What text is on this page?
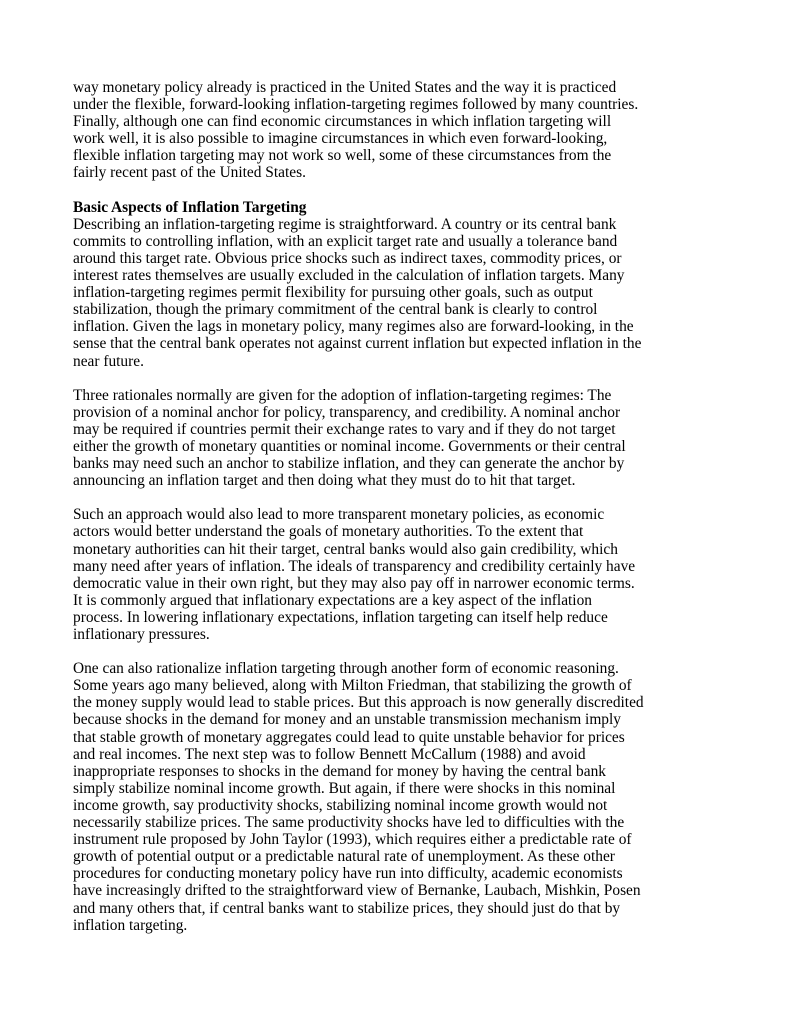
way monetary policy already is practiced in the United States and the way it is practiced
under the flexible, forward-looking inflation-targeting regimes followed by many countries.
Finally, although one can find economic circumstances in which inflation targeting will
work well, it is also possible to imagine circumstances in which even forward-looking,
flexible inflation targeting may not work so well, some of these circumstances from the
fairly recent past of the United States.

Basic Aspects of Inflation Targeting

Describing an inflation-targeting regime is straightforward. A country or its central bank
commits to controlling inflation, with an explicit target rate and usually a tolerance band
around this target rate. Obvious price shocks such as indirect taxes, commodity prices, or
interest rates themselves are usually excluded in the calculation of inflation targets. Many
inflation-targeting regimes permit flexibility for pursuing other goals, such as output
stabilization, though the primary commitment of the central bank is clearly to control
inflation. Given the lags in monetary policy, many regimes also are forward-looking, in the
sense that the central bank operates not against current inflation but expected inflation in the
near future.

Three rationales normally are given for the adoption of inflation-targeting regimes: The
provision of a nominal anchor for policy, transparency, and credibility. A nominal anchor
may be required if countries permit their exchange rates to vary and if they do not target
either the growth of monetary quantities or nominal income. Governments or their central
banks may need such an anchor to stabilize inflation, and they can generate the anchor by
announcing an inflation target and then doing what they must do to hit that target.

Such an approach would also lead to more transparent monetary policies, as economic
actors would better understand the goals of monetary authorities. To the extent that
monetary authorities can hit their target, central banks would also gain credibility, which
many need after years of inflation. The ideals of transparency and credibility certainly have
democratic value in their own right, but they may also pay off in narrower economic terms.
It is commonly argued that inflationary expectations are a key aspect of the inflation
process. In lowering inflationary expectations, inflation targeting can itself help reduce
inflationary pressures.

One can also rationalize inflation targeting through another form of economic reasoning.
Some years ago many believed, along with Milton Friedman, that stabilizing the growth of
the money supply would lead to stable prices. But this approach is now generally discredited
because shocks in the demand for money and an unstable transmission mechanism imply
that stable growth of monetary aggregates could lead to quite unstable behavior for prices
and real incomes. The next step was to follow Bennett McCallum (1988) and avoid
inappropriate responses to shocks in the demand for money by having the central bank
simply stabilize nominal income growth. But again, if there were shocks in this nominal
income growth, say productivity shocks, stabilizing nominal income growth would not
necessarily stabilize prices. The same productivity shocks have led to difficulties with the
instrument rule proposed by John Taylor (1993), which requires either a predictable rate of
growth of potential output or a predictable natural rate of unemployment. As these other
procedures for conducting monetary policy have run into difficulty, academic economists
have increasingly drifted to the straightforward view of Bernanke, Laubach, Mishkin, Posen
and many others that, if central banks want to stabilize prices, they should just do that by
inflation targeting.
